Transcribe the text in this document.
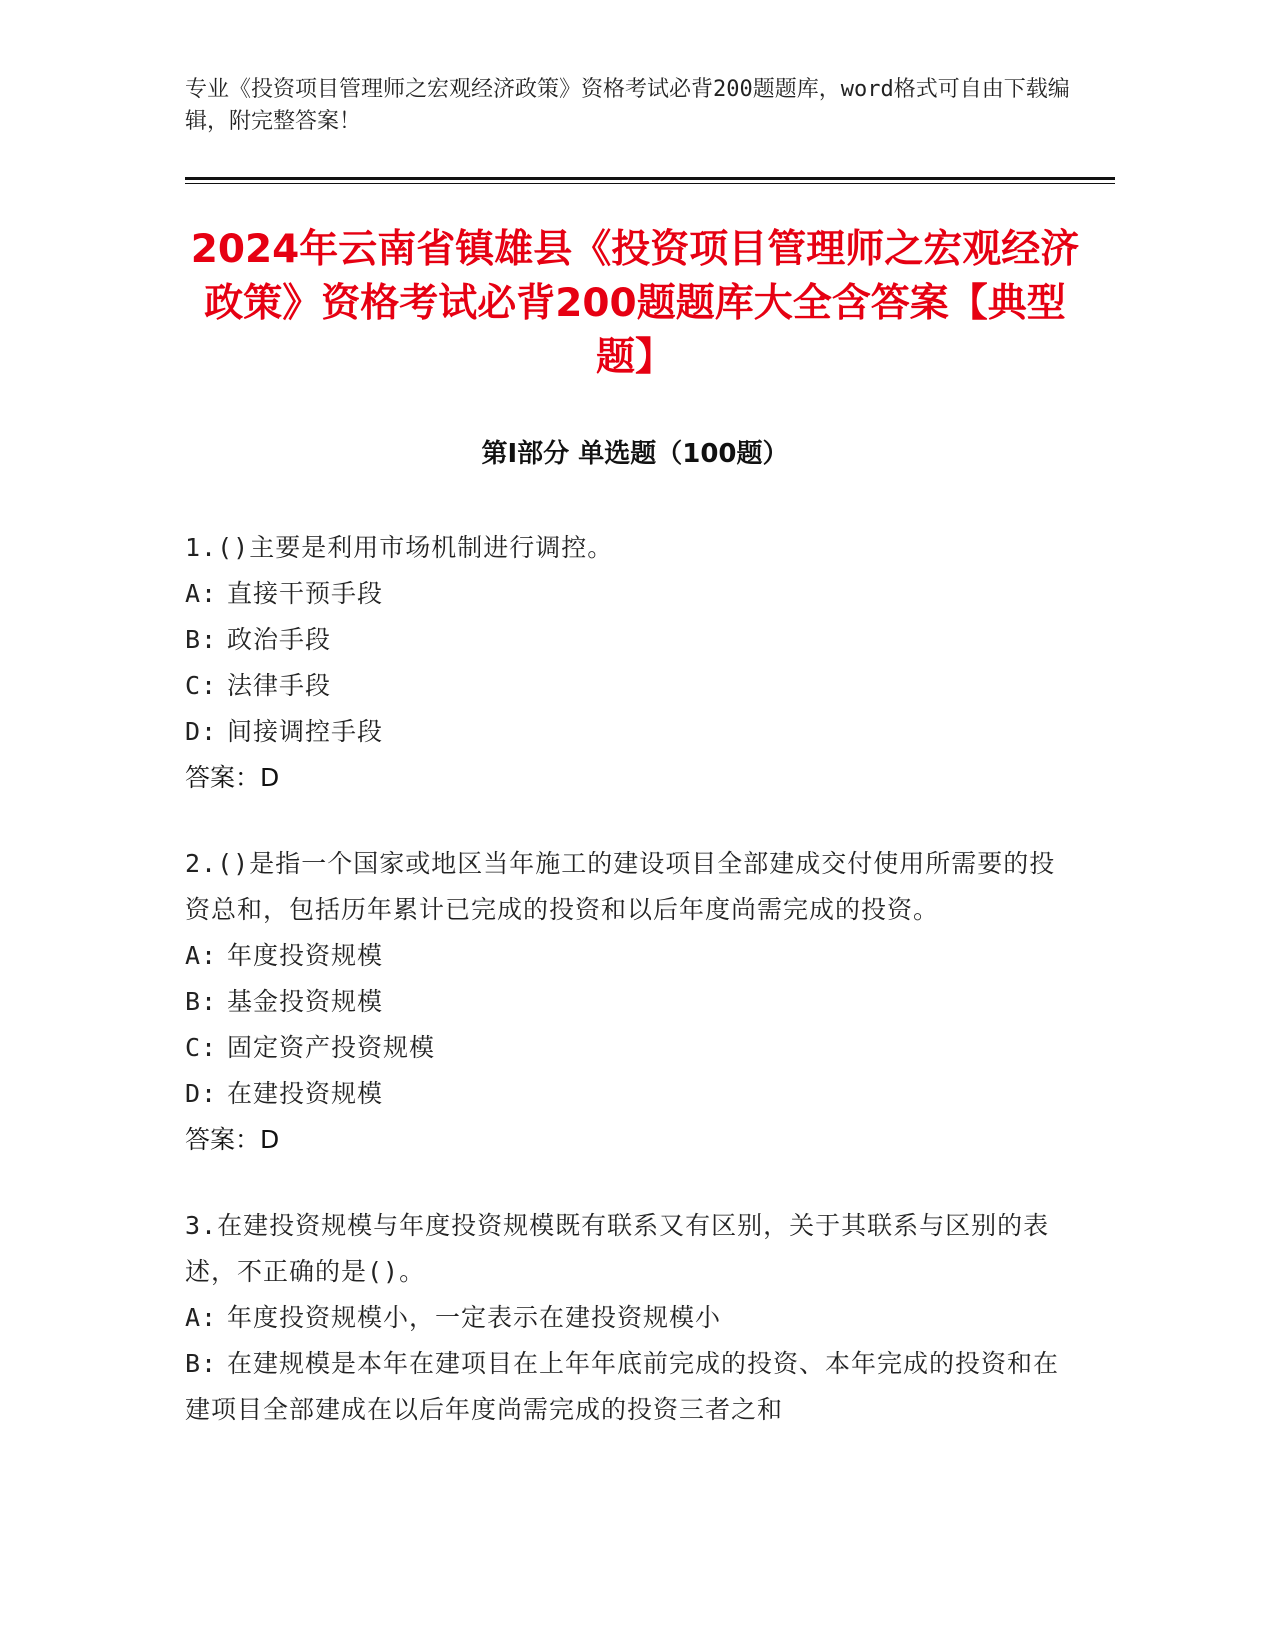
专业《投资项目管理师之宏观经济政策》资格考试必背200题题库，word格式可自由下载编辑，附完整答案！
2024年云南省镇雄县《投资项目管理师之宏观经济政策》资格考试必背200题题库大全含答案【典型题】
第Ⅰ部分 单选题（100题）

1.()主要是利用市场机制进行调控。

A: 直接干预手段

B: 政治手段

C: 法律手段

D: 间接调控手段

答案：D

2.()是指一个国家或地区当年施工的建设项目全部建成交付使用所需要的投资总和，包括历年累计已完成的投资和以后年度尚需完成的投资。

A: 年度投资规模

B: 基金投资规模

C: 固定资产投资规模

D: 在建投资规模

答案：D

3.在建投资规模与年度投资规模既有联系又有区别，关于其联系与区别的表述，不正确的是()。

A: 年度投资规模小，一定表示在建投资规模小

B: 在建规模是本年在建项目在上年年底前完成的投资、本年完成的投资和在建项目全部建成在以后年度尚需完成的投资三者之和
